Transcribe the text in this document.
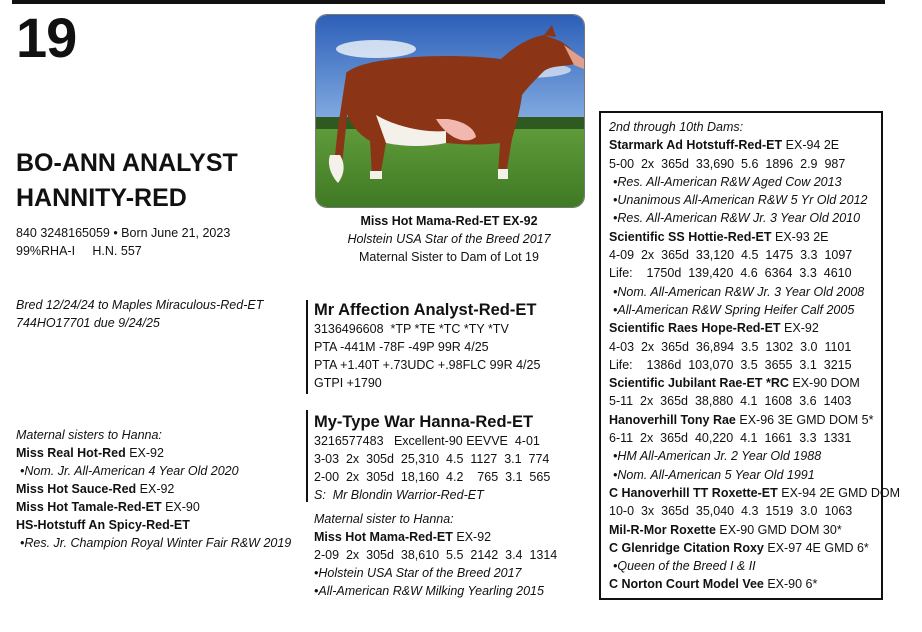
19
BO-ANN ANALYST
HANNITY-RED
840 3248165059 • Born June 21, 2023
99%RHA-I     H.N. 557
Bred 12/24/24 to Maples Miraculous-Red-ET
744HO17701 due 9/24/25
Maternal sisters to Hanna:
Miss Real Hot-Red EX-92
•Nom. Jr. All-American 4 Year Old 2020
Miss Hot Sauce-Red EX-92
Miss Hot Tamale-Red-ET EX-90
HS-Hotstuff An Spicy-Red-ET
•Res. Jr. Champion Royal Winter Fair R&W 2019
Miss Hot Mama-Red-ET EX-92
Holstein USA Star of the Breed 2017
Maternal Sister to Dam of Lot 19
Mr Affection Analyst-Red-ET
3136496608  *TP *TE *TC *TY *TV
PTA -441M -78F -49P 99R 4/25
PTA +1.40T +.73UDC +.98FLC 99R 4/25
GTPI +1790
My-Type War Hanna-Red-ET
3216577483   Excellent-90 EEVVE  4-01
3-03  2x  305d  25,310  4.5  1127  3.1  774
2-00  2x  305d  18,160  4.2    765  3.1  565
S:  Mr Blondin Warrior-Red-ET
Maternal sister to Hanna:
Miss Hot Mama-Red-ET EX-92
2-09  2x  305d  38,610  5.5  2142  3.4  1314
•Holstein USA Star of the Breed 2017
•All-American R&W Milking Yearling 2015
2nd through 10th Dams:
Starmark Ad Hotstuff-Red-ET EX-94 2E
5-00  2x  365d  33,690  5.6  1896  2.9  987
•Res. All-American R&W Aged Cow 2013
•Unanimous All-American R&W 5 Yr Old 2012
•Res. All-American R&W Jr. 3 Year Old 2010
Scientific SS Hottie-Red-ET EX-93 2E
4-09  2x  365d  33,120  4.5  1475  3.3  1097
Life:    1750d  139,420  4.6  6364  3.3  4610
•Nom. All-American R&W Jr. 3 Year Old 2008
•All-American R&W Spring Heifer Calf 2005
Scientific Raes Hope-Red-ET EX-92
4-03  2x  365d  36,894  3.5  1302  3.0  1101
Life:    1386d  103,070  3.5  3655  3.1  3215
Scientific Jubilant Rae-ET *RC EX-90 DOM
5-11  2x  365d  38,880  4.1  1608  3.6  1403
Hanoverhill Tony Rae EX-96 3E GMD DOM 5*
6-11  2x  365d  40,220  4.1  1661  3.3  1331
•HM All-American Jr. 2 Year Old 1988
•Nom. All-American 5 Year Old 1991
C Hanoverhill TT Roxette-ET EX-94 2E GMD DOM
10-0  3x  365d  35,040  4.3  1519  3.0  1063
Mil-R-Mor Roxette EX-90 GMD DOM 30*
C Glenridge Citation Roxy EX-97 4E GMD 6*
•Queen of the Breed I & II
C Norton Court Model Vee EX-90 6*
